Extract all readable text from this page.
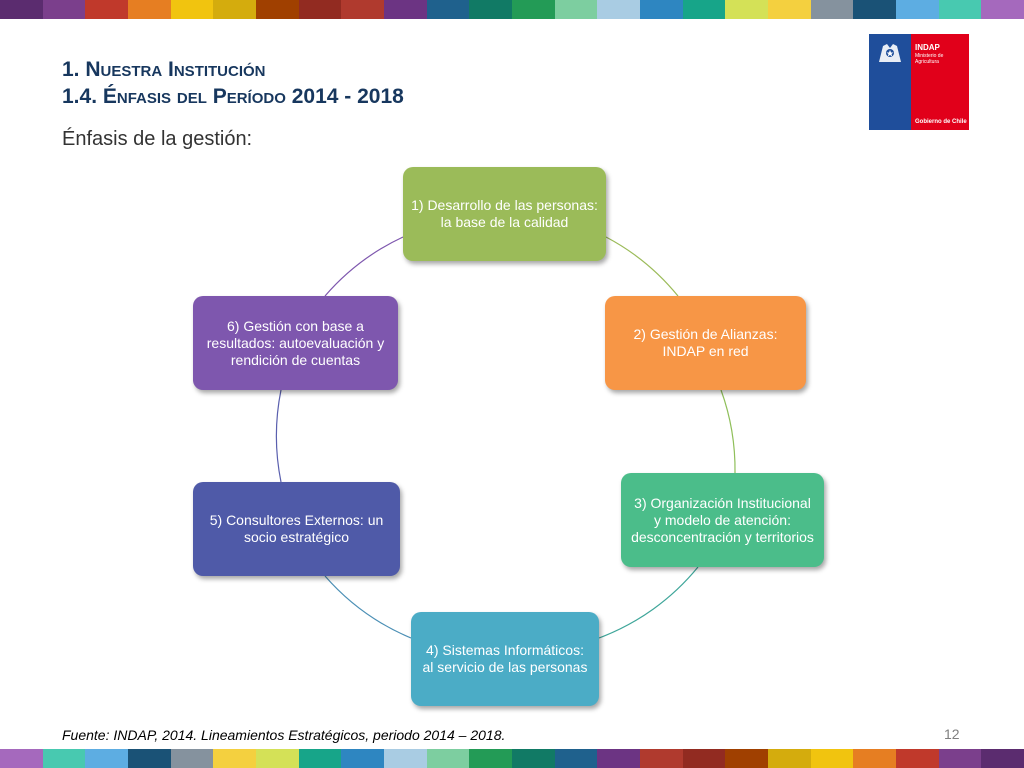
1. Nuestra Institución
1.4. Énfasis del Período 2014 - 2018
Énfasis de la gestión:
INDAP
Ministerio de Agricultura
Gobierno de Chile
1) Desarrollo de las personas: la base de la calidad
2) Gestión de Alianzas: INDAP en red
3) Organización Institucional y modelo de atención: desconcentración y territorios
4) Sistemas Informáticos: al servicio de las personas
5) Consultores Externos: un socio estratégico
6) Gestión con base a resultados: autoevaluación y rendición de cuentas
Fuente: INDAP, 2014. Lineamientos Estratégicos, periodo 2014 – 2018.	12
